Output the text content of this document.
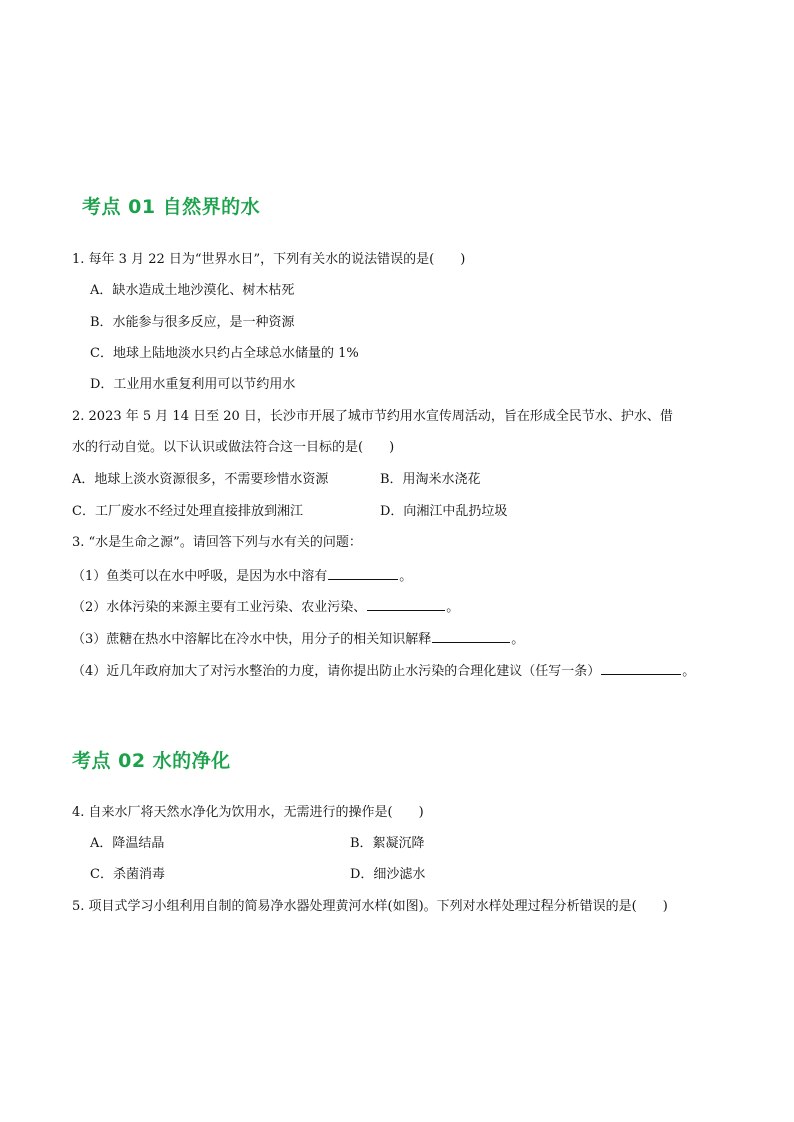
考点 01 自然界的水
1. 每年 3 月 22 日为“世界水日”，下列有关水的说法错误的是(　　)
A．缺水造成土地沙漠化、树木枯死
B．水能参与很多反应，是一种资源
C．地球上陆地淡水只约占全球总水储量的 1%
D．工业用水重复利用可以节约用水
2. 2023 年 5 月 14 日至 20 日，长沙市开展了城市节约用水宣传周活动，旨在形成全民节水、护水、借
水的行动自觉。以下认识或做法符合这一目标的是(　　)
A．地球上淡水资源很多，不需要珍惜水资源	B．用淘米水浇花
C．工厂废水不经过处理直接排放到湘江	D．向湘江中乱扔垃圾
3. “水是生命之源”。请回答下列与水有关的问题：
（1）鱼类可以在水中呼吸，是因为水中溶有	。
（2）水体污染的来源主要有工业污染、农业污染、	。
（3）蔗糖在热水中溶解比在冷水中快，用分子的相关知识解释	。
（4）近几年政府加大了对污水整治的力度，请你提出防止水污染的合理化建议（任写一条）	。
考点 02 水的净化
4. 自来水厂将天然水净化为饮用水，无需进行的操作是(　　)
A．降温结晶	B．絮凝沉降
C．杀菌消毒	D．细沙滤水
5. 项目式学习小组利用自制的简易净水器处理黄河水样(如图)。下列对水样处理过程分析错误的是(　　)
